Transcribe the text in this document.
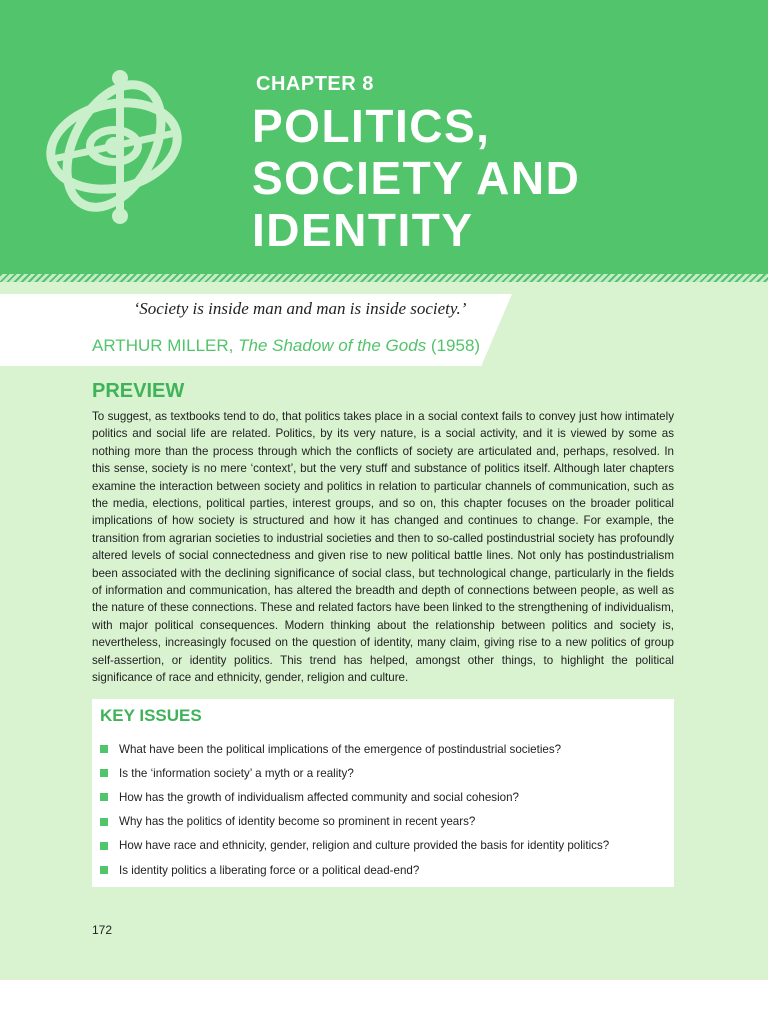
CHAPTER 8
POLITICS,
SOCIETY AND
IDENTITY
‘Society is inside man and man is inside society.’
ARTHUR MILLER, The Shadow of the Gods (1958)
PREVIEW

To suggest, as textbooks tend to do, that politics takes place in a social context fails to convey just how intimately politics and social life are related. Politics, by its very nature, is a social activity, and it is viewed by some as nothing more than the process through which the conflicts of society are articulated and, perhaps, resolved. In this sense, society is no mere ‘context’, but the very stuff and substance of politics itself. Although later chapters examine the interaction between society and politics in relation to particular channels of communication, such as the media, elections, political parties, interest groups, and so on, this chapter focuses on the broader political implications of how society is structured and how it has changed and continues to change. For example, the transition from agrarian societies to industrial societies and then to so-called postindustrial society has profoundly altered levels of social connectedness and given rise to new political battle lines. Not only has postindustrialism been associated with the declining significance of social class, but technological change, particularly in the fields of information and communication, has altered the breadth and depth of connections between people, as well as the nature of these connections. These and related factors have been linked to the strengthening of individualism, with major political consequences. Modern thinking about the relationship between politics and society is, nevertheless, increasingly focused on the question of identity, many claim, giving rise to a new politics of group self-assertion, or identity politics. This trend has helped, amongst other things, to highlight the political significance of race and ethnicity, gender, religion and culture.

KEY ISSUES
What have been the political implications of the emergence of postindustrial societies?
Is the ‘information society’ a myth or a reality?
How has the growth of individualism affected community and social cohesion?
Why has the politics of identity become so prominent in recent years?
How have race and ethnicity, gender, religion and culture provided the basis for identity politics?
Is identity politics a liberating force or a political dead-end?
172
